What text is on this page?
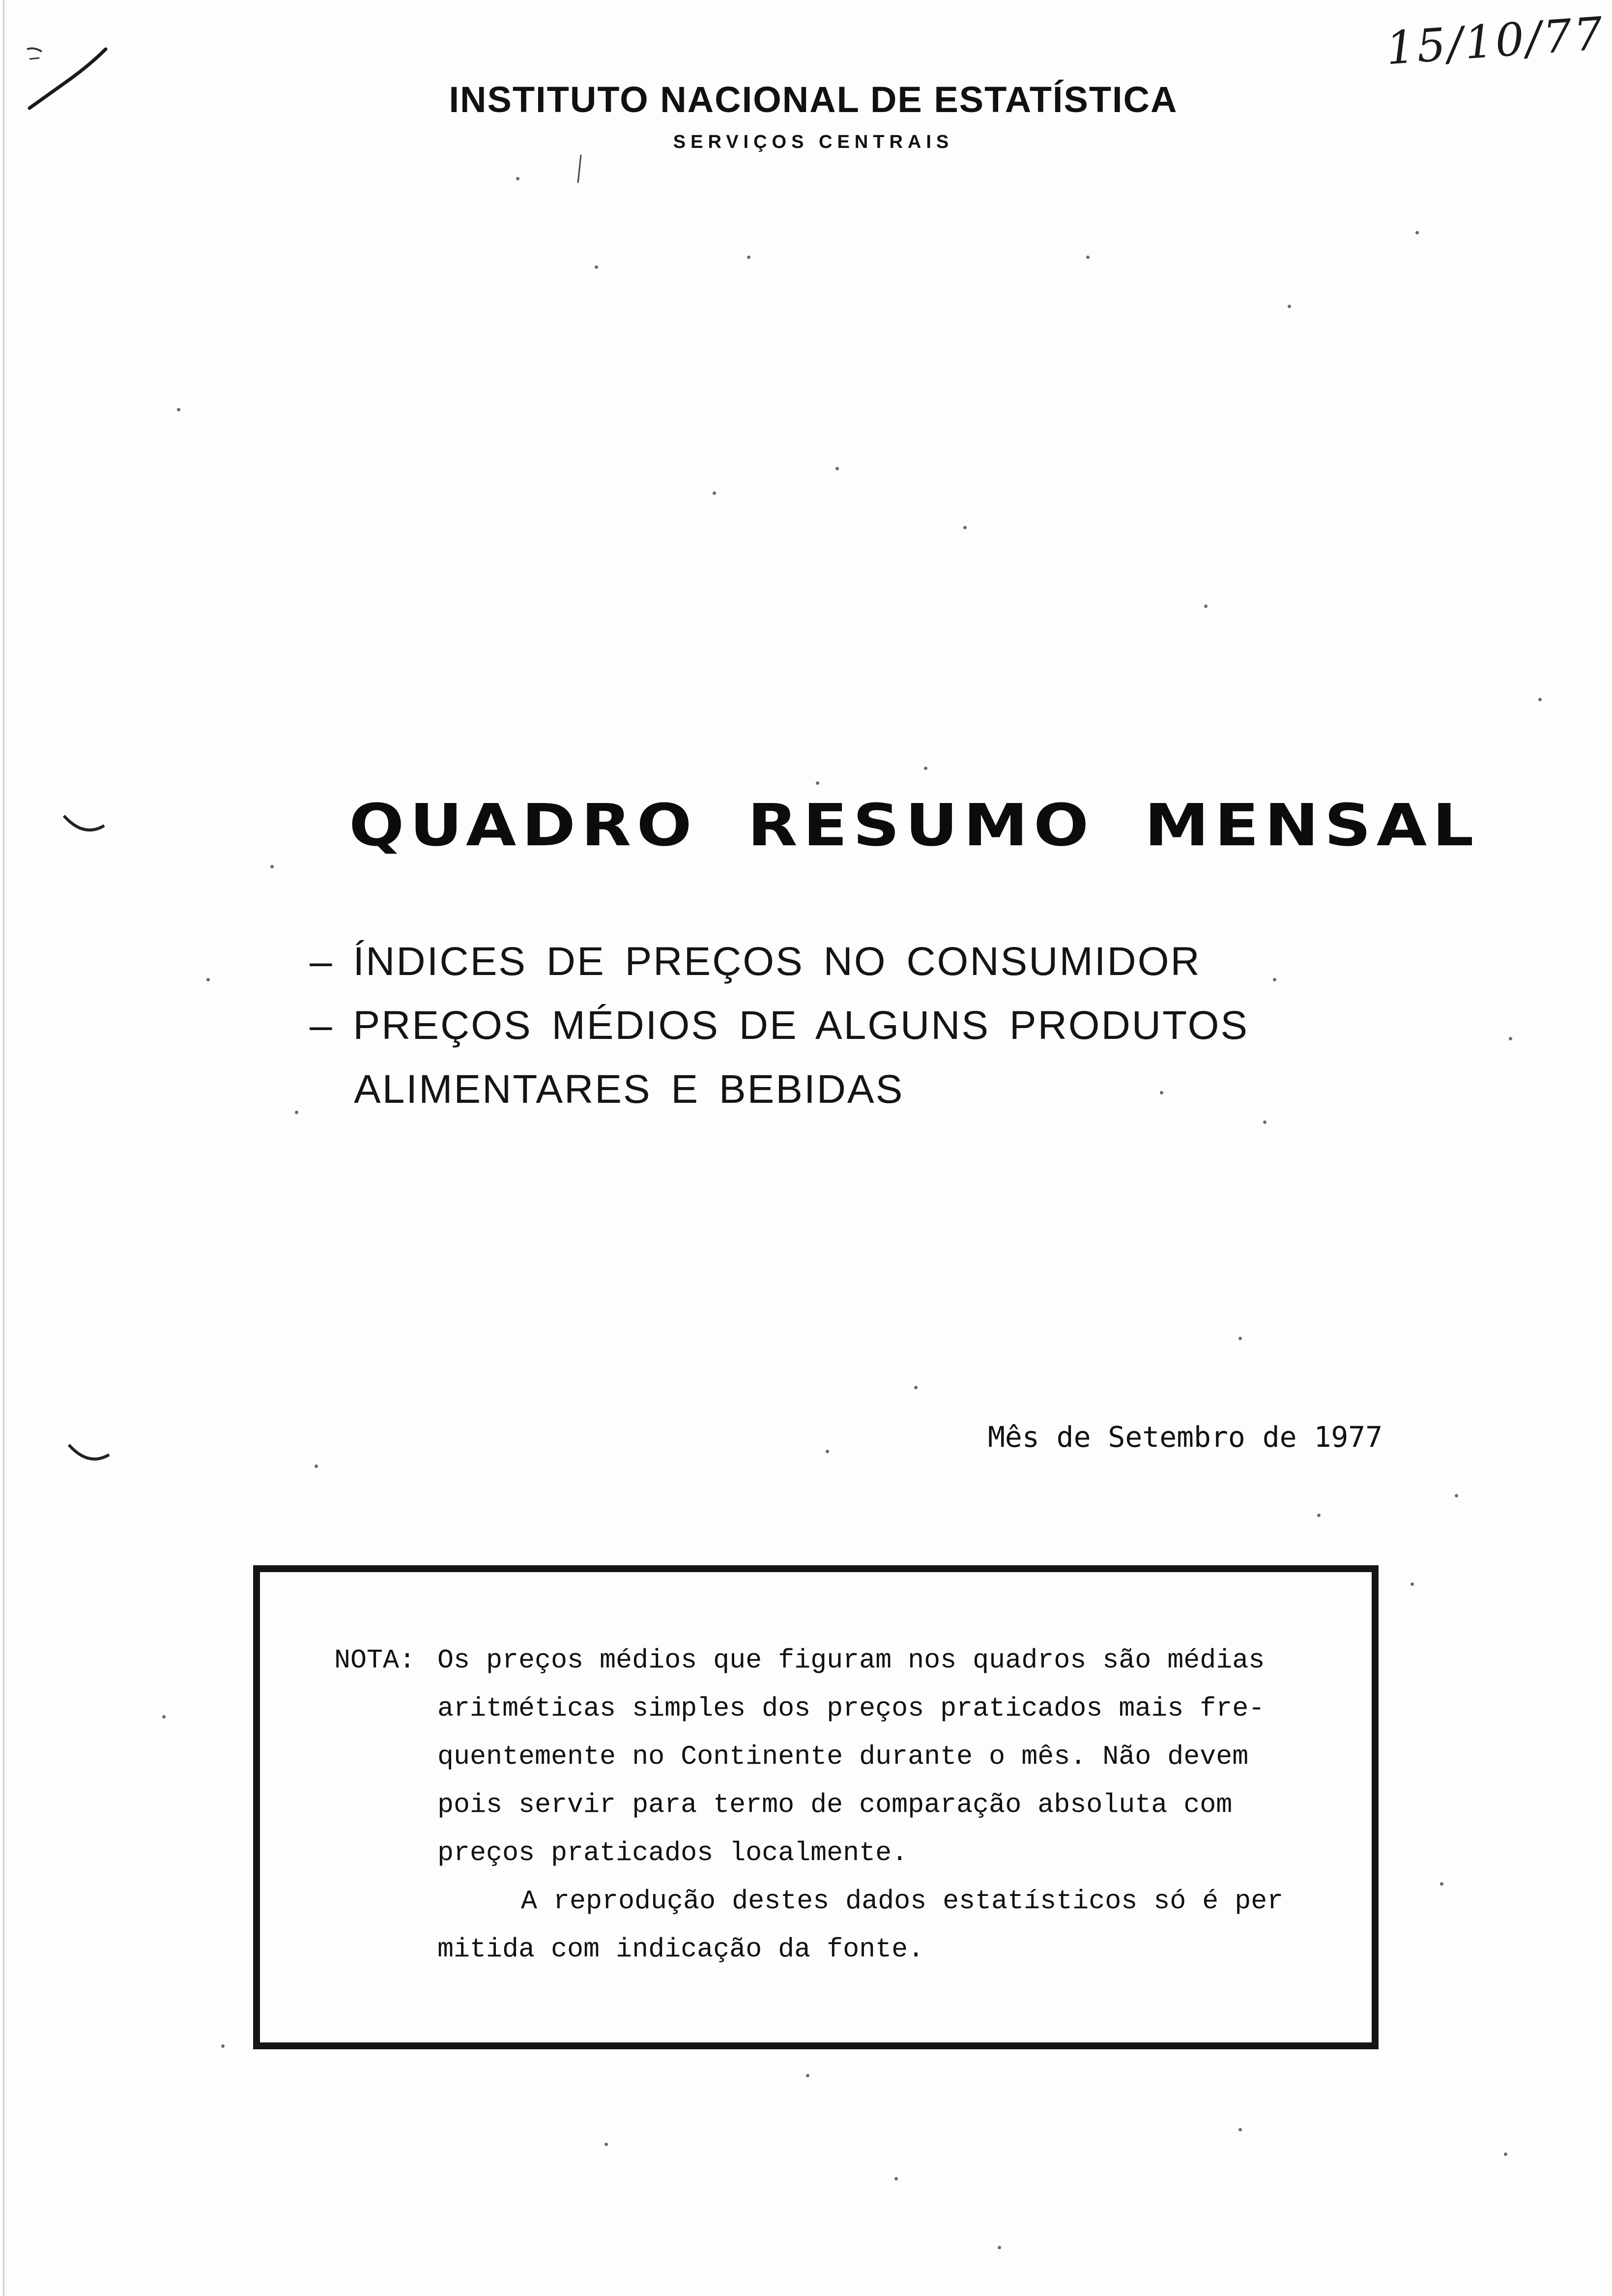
INSTITUTO NACIONAL DE ESTATÍSTICA
SERVIÇOS CENTRAIS
15/10/77
QUADRO RESUMO MENSAL
– ÍNDICES DE PREÇOS NO CONSUMIDOR
– PREÇOS MÉDIOS DE ALGUNS PRODUTOS
ALIMENTARES E BEBIDAS
Mês de Setembro de 1977
NOTA: Os preços médios que figuram nos quadros são médias
aritméticas simples dos preços praticados mais fre-
quentemente no Continente durante o mês. Não devem
pois servir para termo de comparação absoluta com
preços praticados localmente.
A reprodução destes dados estatísticos só é per
mitida com indicação da fonte.
